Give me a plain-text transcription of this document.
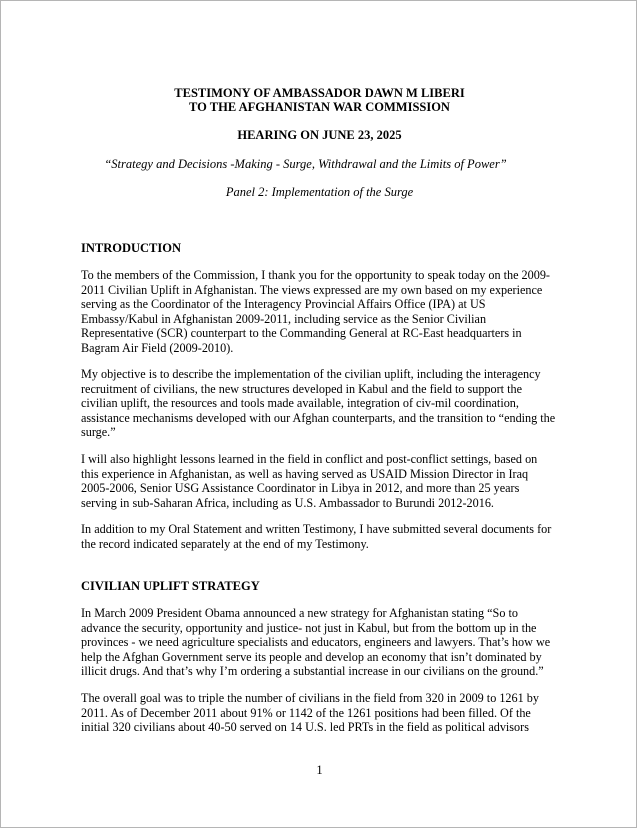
TESTIMONY OF AMBASSADOR DAWN M LIBERI
TO THE AFGHANISTAN WAR COMMISSION
HEARING ON JUNE 23, 2025
“Strategy and Decisions -Making - Surge, Withdrawal and the Limits of Power”
Panel 2: Implementation of the Surge
INTRODUCTION
To the members of the Commission, I thank you for the opportunity to speak today on the 2009-
2011 Civilian Uplift in Afghanistan. The views expressed are my own based on my experience
serving as the Coordinator of the Interagency Provincial Affairs Office (IPA) at US
Embassy/Kabul in Afghanistan 2009-2011, including service as the Senior Civilian
Representative (SCR) counterpart to the Commanding General at RC-East headquarters in
Bagram Air Field (2009-2010).
My objective is to describe the implementation of the civilian uplift, including the interagency
recruitment of civilians, the new structures developed in Kabul and the field to support the
civilian uplift, the resources and tools made available, integration of civ-mil coordination,
assistance mechanisms developed with our Afghan counterparts, and the transition to “ending the
surge.”
I will also highlight lessons learned in the field in conflict and post-conflict settings, based on
this experience in Afghanistan, as well as having served as USAID Mission Director in Iraq
2005-2006, Senior USG Assistance Coordinator in Libya in 2012, and more than 25 years
serving in sub-Saharan Africa, including as U.S. Ambassador to Burundi 2012-2016.
In addition to my Oral Statement and written Testimony, I have submitted several documents for
the record indicated separately at the end of my Testimony.
CIVILIAN UPLIFT STRATEGY
In March 2009 President Obama announced a new strategy for Afghanistan stating “So to
advance the security, opportunity and justice- not just in Kabul, but from the bottom up in the
provinces - we need agriculture specialists and educators, engineers and lawyers. That’s how we
help the Afghan Government serve its people and develop an economy that isn’t dominated by
illicit drugs. And that’s why I’m ordering a substantial increase in our civilians on the ground.”
The overall goal was to triple the number of civilians in the field from 320 in 2009 to 1261 by
2011. As of December 2011 about 91% or 1142 of the 1261 positions had been filled. Of the
initial 320 civilians about 40-50 served on 14 U.S. led PRTs in the field as political advisors
1
